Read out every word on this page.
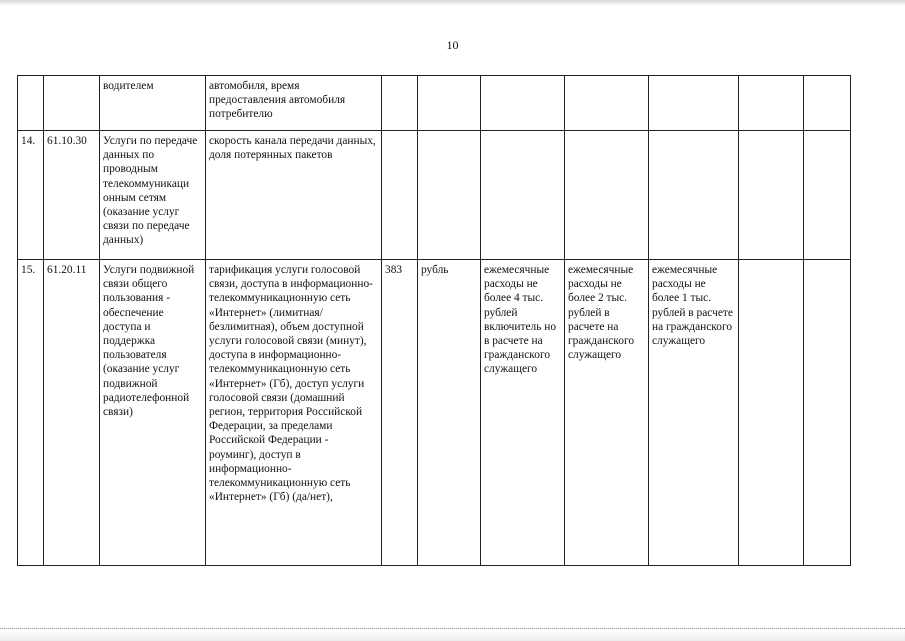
10
		водителем	автомобиля, время предоставления автомобиля потребителю							
14.	61.10.30	Услуги по передаче данных по проводным телекоммуникаци онным сетям (оказание услуг связи по передаче данных)	скорость канала передачи данных, доля потерянных пакетов							
15.	61.20.11	Услуги подвижной связи общего пользования - обеспечение доступа и поддержка пользователя (оказание услуг подвижной радиотелефонной связи)	тарификация услуги голосовой связи, доступа в информационно-телекоммуникационную сеть «Интернет» (лимитная/безлимитная), объем доступной услуги голосовой связи (минут), доступа в информационно-телекоммуникационную сеть «Интернет» (Гб), доступ услуги голосовой связи (домашний регион, территория Российской Федерации, за пределами Российской Федерации - роуминг), доступ в информационно-телекоммуникационную сеть «Интернет» (Гб) (да/нет),	383	рубль	ежемесячные расходы не более 4 тыс. рублей включитель но в расчете на гражданского служащего	ежемесячные расходы не более 2 тыс. рублей в расчете на гражданского служащего	ежемесячные расходы не более 1 тыс. рублей в расчете на гражданского служащего		
